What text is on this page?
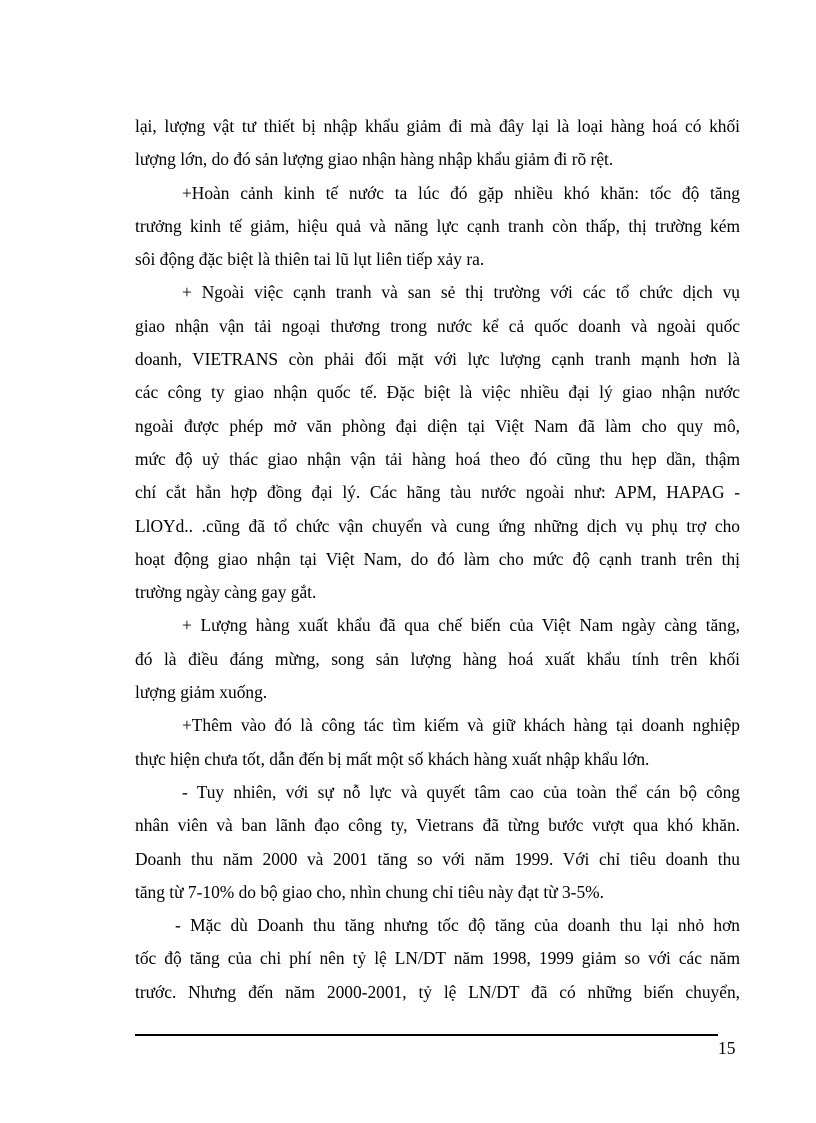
lại, lượng vật tư thiết bị nhập khẩu giảm đi mà đây lại là loại hàng hoá có khối
lượng lớn, do đó sản lượng giao nhận hàng nhập khẩu giảm đi rõ rệt.

+Hoàn cảnh kinh tế nước ta lúc đó gặp nhiều khó khăn: tốc độ tăng
trưởng kinh tế giảm, hiệu quả và năng lực cạnh tranh còn thấp, thị trường kém
sôi động đặc biệt là thiên tai lũ lụt liên tiếp xảy ra.

+ Ngoài việc cạnh tranh và san sẻ thị trường với các tổ chức dịch vụ
giao nhận vận tải ngoại thương trong nước kể cả quốc doanh và ngoài quốc
doanh, VIETRANS còn phải đối mặt với lực lượng cạnh tranh mạnh hơn là
các công ty giao nhận quốc tế. Đặc biệt là việc nhiều đại lý giao nhận nước
ngoài được phép mở văn phòng đại diện tại Việt Nam đã làm cho quy mô,
mức độ uỷ thác giao nhận vận tải hàng hoá theo đó cũng thu hẹp dần, thậm
chí cắt hẳn hợp đồng đại lý. Các hãng tàu nước ngoài như: APM, HAPAG -
LlOYd.. .cũng đã tổ chức vận chuyển và cung ứng những dịch vụ phụ trợ cho
hoạt động giao nhận tại Việt Nam, do đó làm cho mức độ cạnh tranh trên thị
trường ngày càng gay gắt.

+ Lượng hàng xuất khẩu đã qua chế biến của Việt Nam ngày càng tăng,
đó là điều đáng mừng, song sản lượng hàng hoá xuất khẩu tính trên khối
lượng giảm xuống.

+Thêm vào đó là công tác tìm kiếm và giữ khách hàng tại doanh nghiệp
thực hiện chưa tốt, dẫn đến bị mất một số khách hàng xuất nhập khẩu lớn.

- Tuy nhiên, với sự nỗ lực và quyết tâm cao của toàn thể cán bộ công
nhân viên và ban lãnh đạo công ty, Vietrans đã từng bước vượt qua khó khăn.
Doanh thu năm 2000 và 2001 tăng so với năm 1999. Với chỉ tiêu doanh thu
tăng từ 7-10% do bộ giao cho, nhìn chung chỉ tiêu này đạt từ 3-5%.

- Mặc dù Doanh thu tăng nhưng tốc độ tăng của doanh thu lại nhỏ hơn
tốc độ tăng của chi phí nên tỷ lệ LN/DT năm 1998, 1999 giảm so với các năm
trước. Nhưng đến năm 2000-2001, tỷ lệ LN/DT đã có những biến chuyển,

15
